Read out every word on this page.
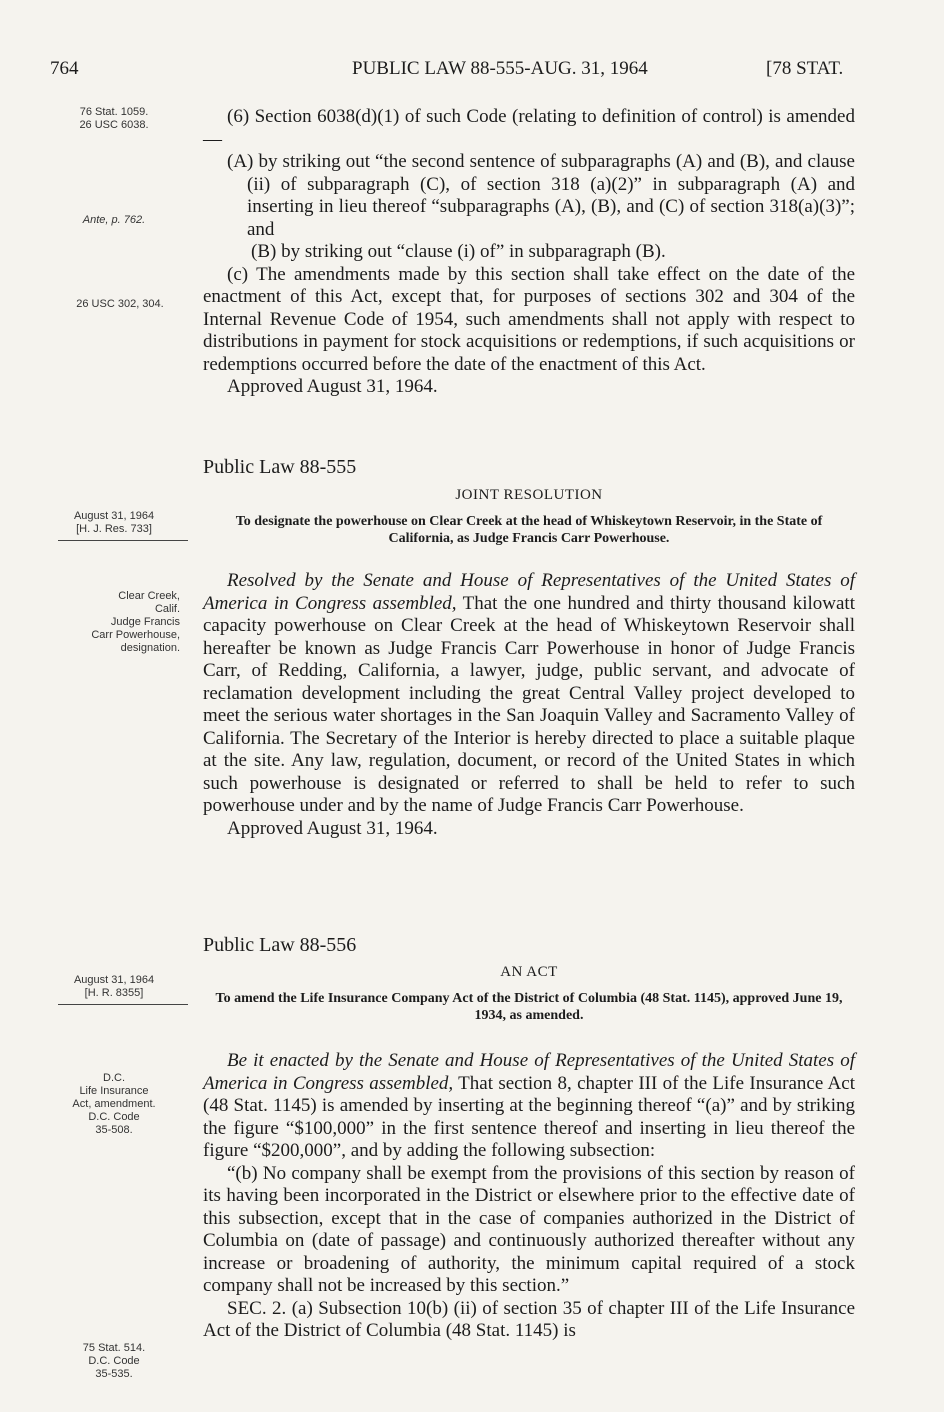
764	PUBLIC LAW 88-555-AUG. 31, 1964	[78 STAT.
76 Stat. 1059.
26 USC 6038.
Ante, p. 762.
26 USC 302, 304.
August 31, 1964
[H. J. Res. 733]
Clear Creek,
Calif.
Judge Francis
Carr Powerhouse,
designation.
August 31, 1964
[H. R. 8355]
D.C.
Life Insurance
Act, amendment.
D.C. Code
35-508.
75 Stat. 514.
D.C. Code
35-535.

(6) Section 6038(d)(1) of such Code (relating to definition of control) is amended—

(A) by striking out “the second sentence of subparagraphs (A) and (B), and clause (ii) of subparagraph (C), of section 318 (a)(2)” in subparagraph (A) and inserting in lieu thereof “subparagraphs (A), (B), and (C) of section 318(a)(3)”; and

(B) by striking out “clause (i) of” in subparagraph (B).

(c) The amendments made by this section shall take effect on the date of the enactment of this Act, except that, for purposes of sections 302 and 304 of the Internal Revenue Code of 1954, such amendments shall not apply with respect to distributions in payment for stock acquisitions or redemptions, if such acquisitions or redemptions occurred before the date of the enactment of this Act.

Approved August 31, 1964.

Public Law 88-555
JOINT RESOLUTION
To designate the powerhouse on Clear Creek at the head of Whiskeytown Reservoir, in the State of California, as Judge Francis Carr Powerhouse.

Resolved by the Senate and House of Representatives of the United States of America in Congress assembled, That the one hundred and thirty thousand kilowatt capacity powerhouse on Clear Creek at the head of Whiskeytown Reservoir shall hereafter be known as Judge Francis Carr Powerhouse in honor of Judge Francis Carr, of Redding, California, a lawyer, judge, public servant, and advocate of reclamation development including the great Central Valley project developed to meet the serious water shortages in the San Joaquin Valley and Sacramento Valley of California. The Secretary of the Interior is hereby directed to place a suitable plaque at the site. Any law, regulation, document, or record of the United States in which such powerhouse is designated or referred to shall be held to refer to such powerhouse under and by the name of Judge Francis Carr Powerhouse.

Approved August 31, 1964.

Public Law 88-556
AN ACT
To amend the Life Insurance Company Act of the District of Columbia (48 Stat. 1145), approved June 19, 1934, as amended.

Be it enacted by the Senate and House of Representatives of the United States of America in Congress assembled, That section 8, chapter III of the Life Insurance Act (48 Stat. 1145) is amended by inserting at the beginning thereof “(a)” and by striking the figure “$100,000” in the first sentence thereof and inserting in lieu thereof the figure “$200,000”, and by adding the following subsection:

“(b) No company shall be exempt from the provisions of this section by reason of its having been incorporated in the District or elsewhere prior to the effective date of this subsection, except that in the case of companies authorized in the District of Columbia on (date of passage) and continuously authorized thereafter without any increase or broadening of authority, the minimum capital required of a stock company shall not be increased by this section.”

SEC. 2. (a) Subsection 10(b) (ii) of section 35 of chapter III of the Life Insurance Act of the District of Columbia (48 Stat. 1145) is
